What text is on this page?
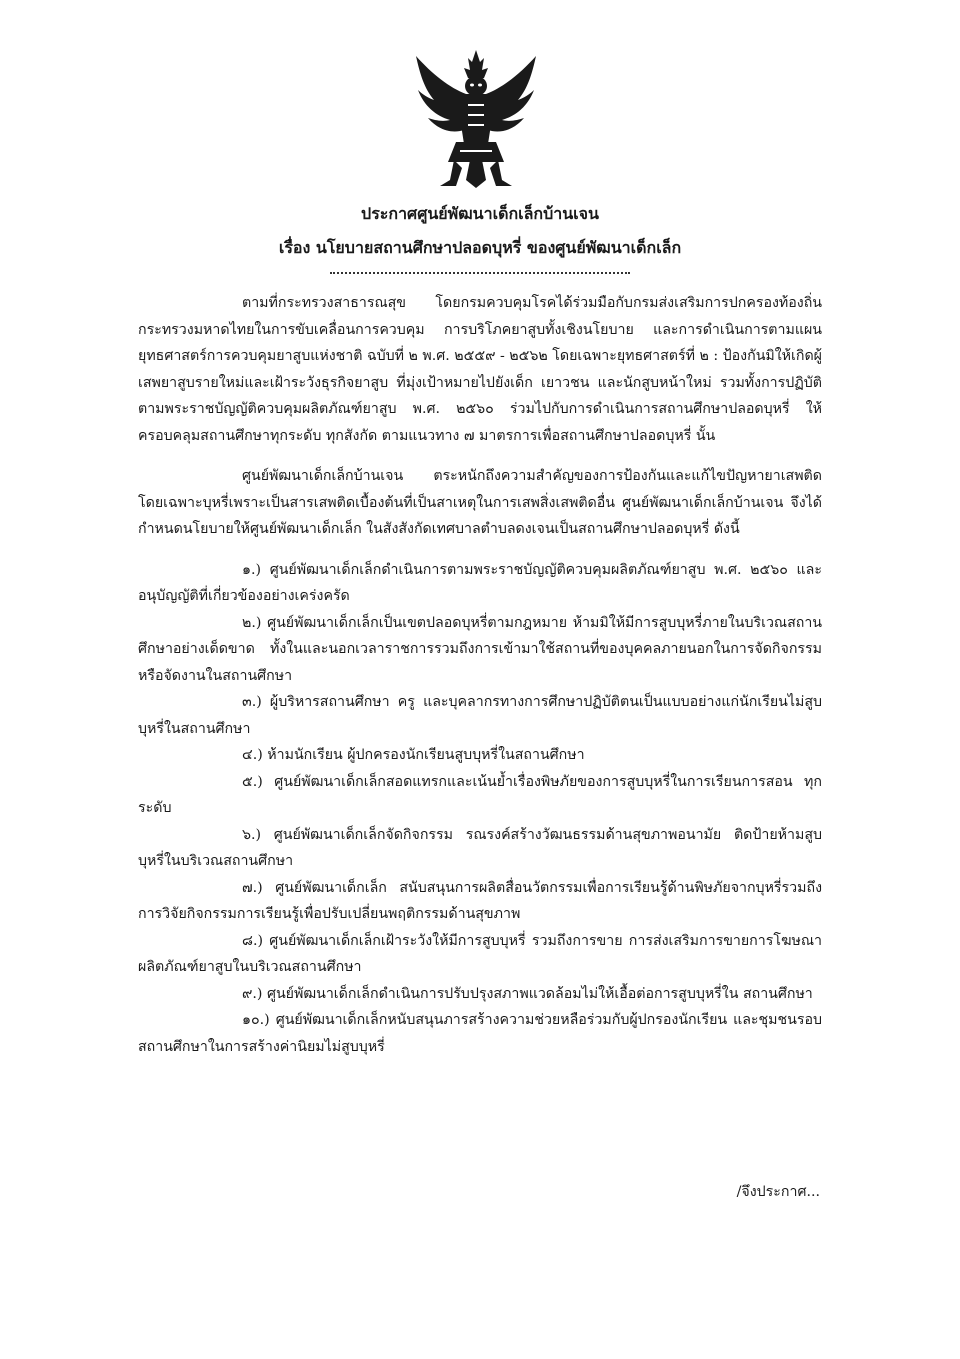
ประกาศศูนย์พัฒนาเด็กเล็กบ้านเจน
เรื่อง นโยบายสถานศึกษาปลอดบุหรี่ ของศูนย์พัฒนาเด็กเล็ก

ตามที่กระทรวงสาธารณสุข โดยกรมควบคุมโรคได้ร่วมมือกับกรมส่งเสริมการปกครองท้องถิ่น กระทรวงมหาดไทยในการขับเคลื่อนการควบคุม การบริโภคยาสูบทั้งเชิงนโยบาย และการดำเนินการตามแผนยุทธศาสตร์การควบคุมยาสูบแห่งชาติ ฉบับที่ ๒ พ.ศ. ๒๕๕๙ - ๒๕๖๒ โดยเฉพาะยุทธศาสตร์ที่ ๒ : ป้องกันมิให้เกิดผู้เสพยาสูบรายใหม่และเฝ้าระวังธุรกิจยาสูบ ที่มุ่งเป้าหมายไปยังเด็ก เยาวชน และนักสูบหน้าใหม่ รวมทั้งการปฏิบัติตามพระราชบัญญัติควบคุมผลิตภัณฑ์ยาสูบ พ.ศ. ๒๕๖๐ ร่วมไปกับการดำเนินการสถานศึกษาปลอดบุหรี่ ให้ครอบคลุมสถานศึกษาทุกระดับ ทุกสังกัด ตามแนวทาง ๗ มาตรการเพื่อสถานศึกษาปลอดบุหรี่ นั้น

ศูนย์พัฒนาเด็กเล็กบ้านเจน ตระหนักถึงความสำคัญของการป้องกันและแก้ไขปัญหายาเสพติด โดยเฉพาะบุหรี่เพราะเป็นสารเสพติดเบื้องต้นที่เป็นสาเหตุในการเสพสิ่งเสพติดอื่น ศูนย์พัฒนาเด็กเล็กบ้านเจน จึงได้กำหนดนโยบายให้ศูนย์พัฒนาเด็กเล็ก ในสังสังกัดเทศบาลตำบลดงเจนเป็นสถานศึกษาปลอดบุหรี่ ดังนี้

๑.) ศูนย์พัฒนาเด็กเล็กดำเนินการตามพระราชบัญญัติควบคุมผลิตภัณฑ์ยาสูบ พ.ศ. ๒๕๖๐ และอนุบัญญัติที่เกี่ยวข้องอย่างเคร่งครัด

๒.) ศูนย์พัฒนาเด็กเล็กเป็นเขตปลอดบุหรี่ตามกฎหมาย ห้ามมิให้มีการสูบบุหรี่ภายในบริเวณสถานศึกษาอย่างเด็ดขาด ทั้งในและนอกเวลาราชการรวมถึงการเข้ามาใช้สถานที่ของบุคคลภายนอกในการจัดกิจกรรมหรือจัดงานในสถานศึกษา

๓.) ผู้บริหารสถานศึกษา ครู และบุคลากรทางการศึกษาปฏิบัติตนเป็นแบบอย่างแก่นักเรียนไม่สูบบุหรี่ในสถานศึกษา

๔.) ห้ามนักเรียน ผู้ปกครองนักเรียนสูบบุหรี่ในสถานศึกษา

๕.) ศูนย์พัฒนาเด็กเล็กสอดแทรกและเน้นย้ำเรื่องพิษภัยของการสูบบุหรี่ในการเรียนการสอน ทุกระดับ

๖.) ศูนย์พัฒนาเด็กเล็กจัดกิจกรรม รณรงค์สร้างวัฒนธรรมด้านสุขภาพอนามัย ติดป้ายห้ามสูบบุหรี่ในบริเวณสถานศึกษา

๗.) ศูนย์พัฒนาเด็กเล็ก สนับสนุนการผลิตสื่อนวัตกรรมเพื่อการเรียนรู้ด้านพิษภัยจากบุหรี่รวมถึงการวิจัยกิจกรรมการเรียนรู้เพื่อปรับเปลี่ยนพฤติกรรมด้านสุขภาพ

๘.) ศูนย์พัฒนาเด็กเล็กเฝ้าระวังให้มีการสูบบุหรี่ รวมถึงการขาย การส่งเสริมการขายการโฆษณาผลิตภัณฑ์ยาสูบในบริเวณสถานศึกษา

๙.) ศูนย์พัฒนาเด็กเล็กดำเนินการปรับปรุงสภาพแวดล้อมไม่ให้เอื้อต่อการสูบบุหรี่ใน สถานศึกษา

๑๐.) ศูนย์พัฒนาเด็กเล็กหนับสนุนภารสร้างความช่วยหลือร่วมกับผู้ปกรองนักเรียน และชุมชนรอบสถานศึกษาในการสร้างค่านิยมไม่สูบบุหรี่

/จึงประกาศ...
